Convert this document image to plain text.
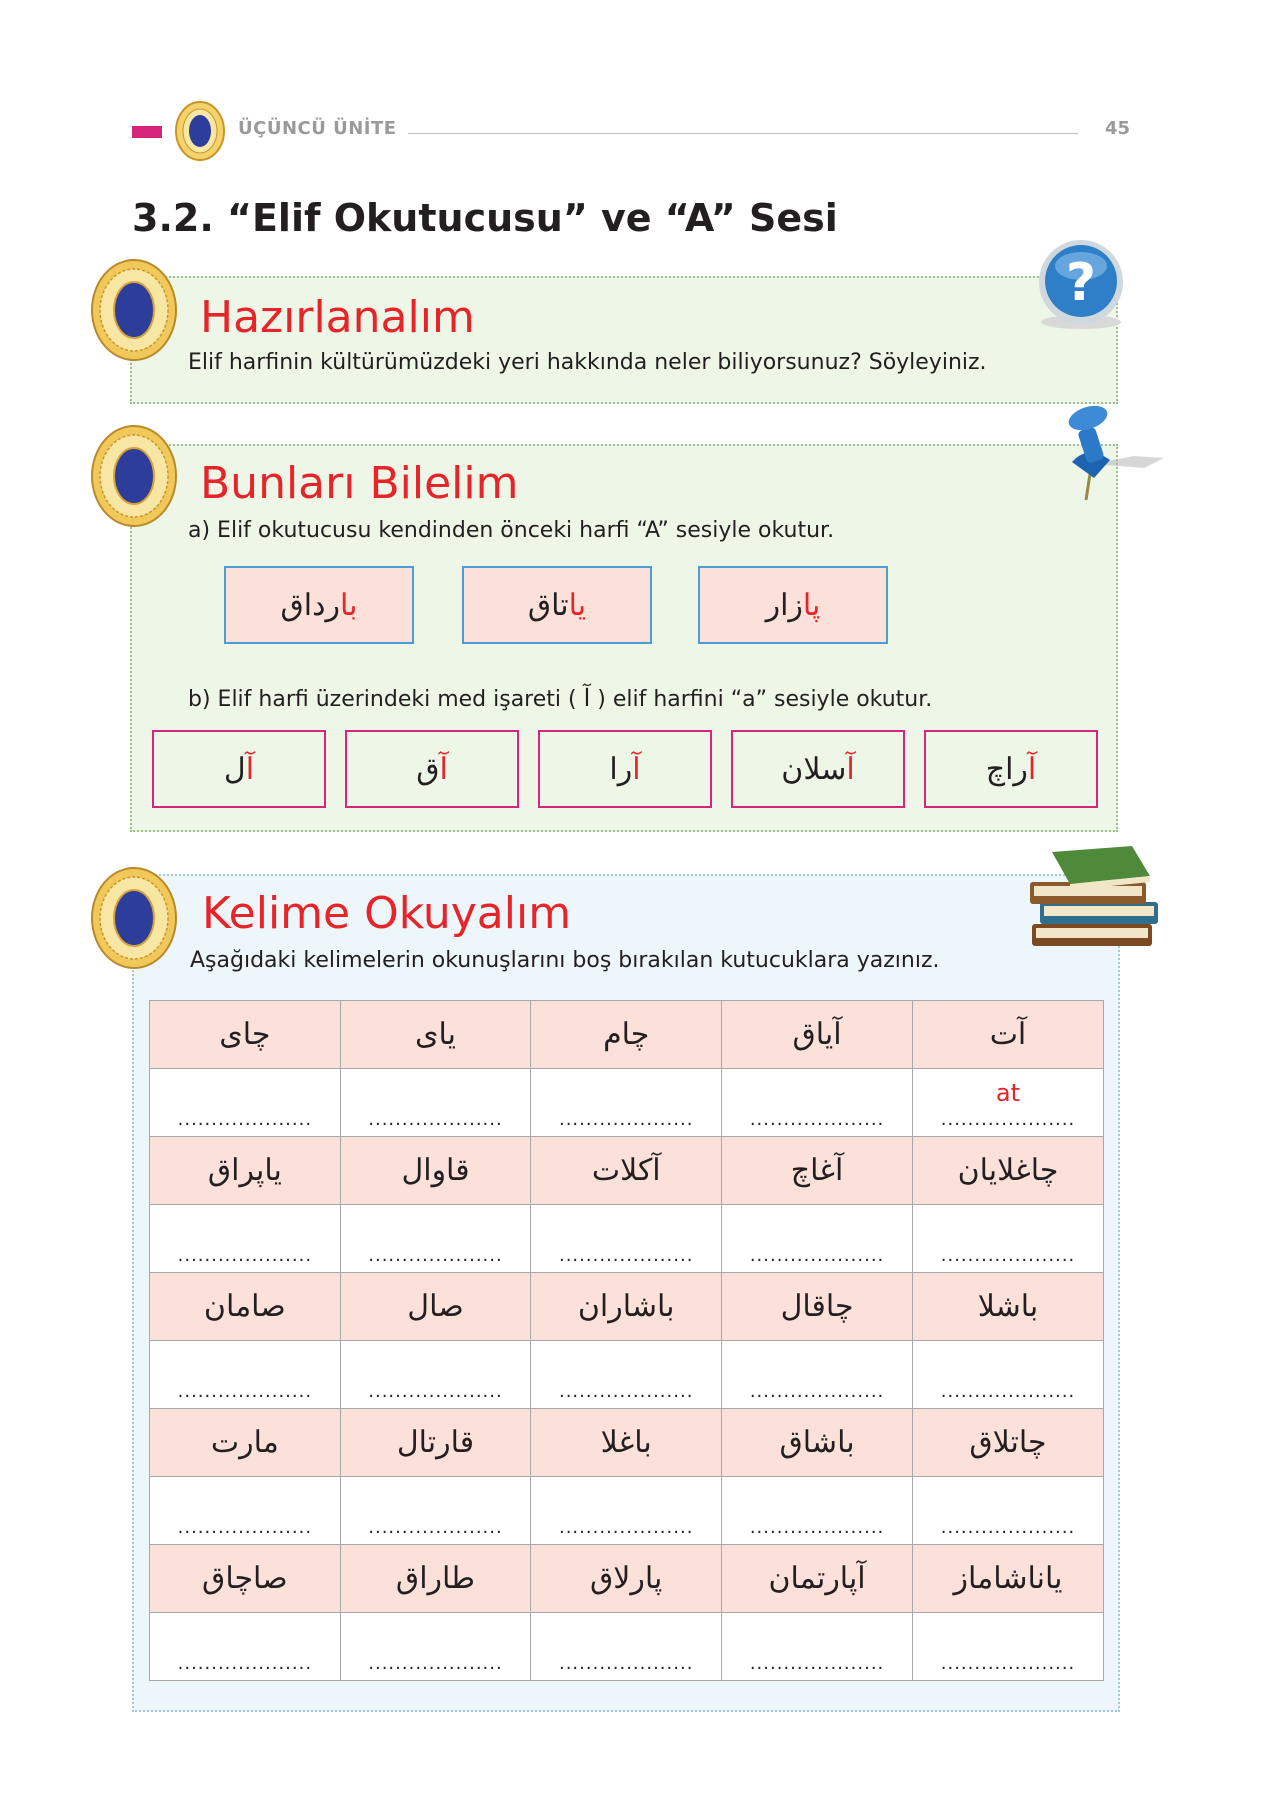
ÜÇÜNCÜ ÜNİTE	45
3.2. “Elif Okutucusu” ve “A” Sesi
Hazırlanalım
Elif harfinin kültürümüzdeki yeri hakkında neler biliyorsunuz? Söyleyiniz.
?
Bunları Bilelim
a) Elif okutucusu kendinden önceki harfi “A” sesiyle okutur.
بارداق	ياتاق	پازار
b) Elif harfi üzerindeki med işareti ( آ ) elif harfini “a” sesiyle okutur.
آل	آق	آرا	آسلان	آراچ
Kelime Okuyalım
Aşağıdaki kelimelerin okunuşlarını boş bırakılan kutucuklara yazınız.
چاى	ياى	چام	آياق	آت

....................	....................	....................	....................	at
....................

ياپراق	قاوال	آكلات	آغاچ	چاغلايان

....................	....................	....................	....................	....................

صامان	صال	باشاران	چاقال	باشلا

....................	....................	....................	....................	....................

مارت	قارتال	باغلا	باشاق	چاتلاق

....................	....................	....................	....................	....................

صاچاق	طاراق	پارلاق	آپارتمان	ياناشاماز

....................	....................	....................	....................	....................
